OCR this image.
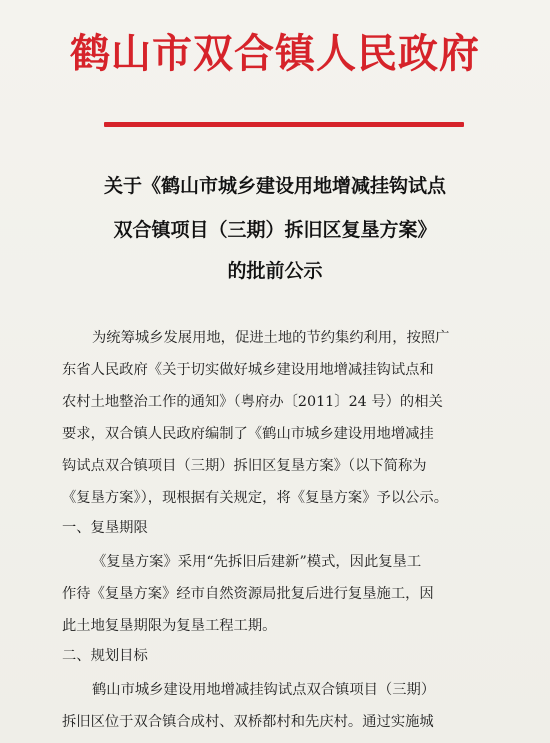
鹤山市双合镇人民政府
关于《鹤山市城乡建设用地增减挂钩试点
双合镇项目（三期）拆旧区复垦方案》
的批前公示
为统筹城乡发展用地，促进土地的节约集约利用，按照广
东省人民政府《关于切实做好城乡建设用地增减挂钩试点和
农村土地整治工作的通知》（粤府办〔2011〕24 号）的相关
要求，双合镇人民政府编制了《鹤山市城乡建设用地增减挂
钩试点双合镇项目（三期）拆旧区复垦方案》（以下简称为
《复垦方案》），现根据有关规定，将《复垦方案》予以公示。
一、复垦期限
《复垦方案》采用“先拆旧后建新”模式，因此复垦工
作待《复垦方案》经市自然资源局批复后进行复垦施工，因
此土地复垦期限为复垦工程工期。
二、规划目标
鹤山市城乡建设用地增减挂钩试点双合镇项目（三期）
拆旧区位于双合镇合成村、双桥都村和先庆村。通过实施城
